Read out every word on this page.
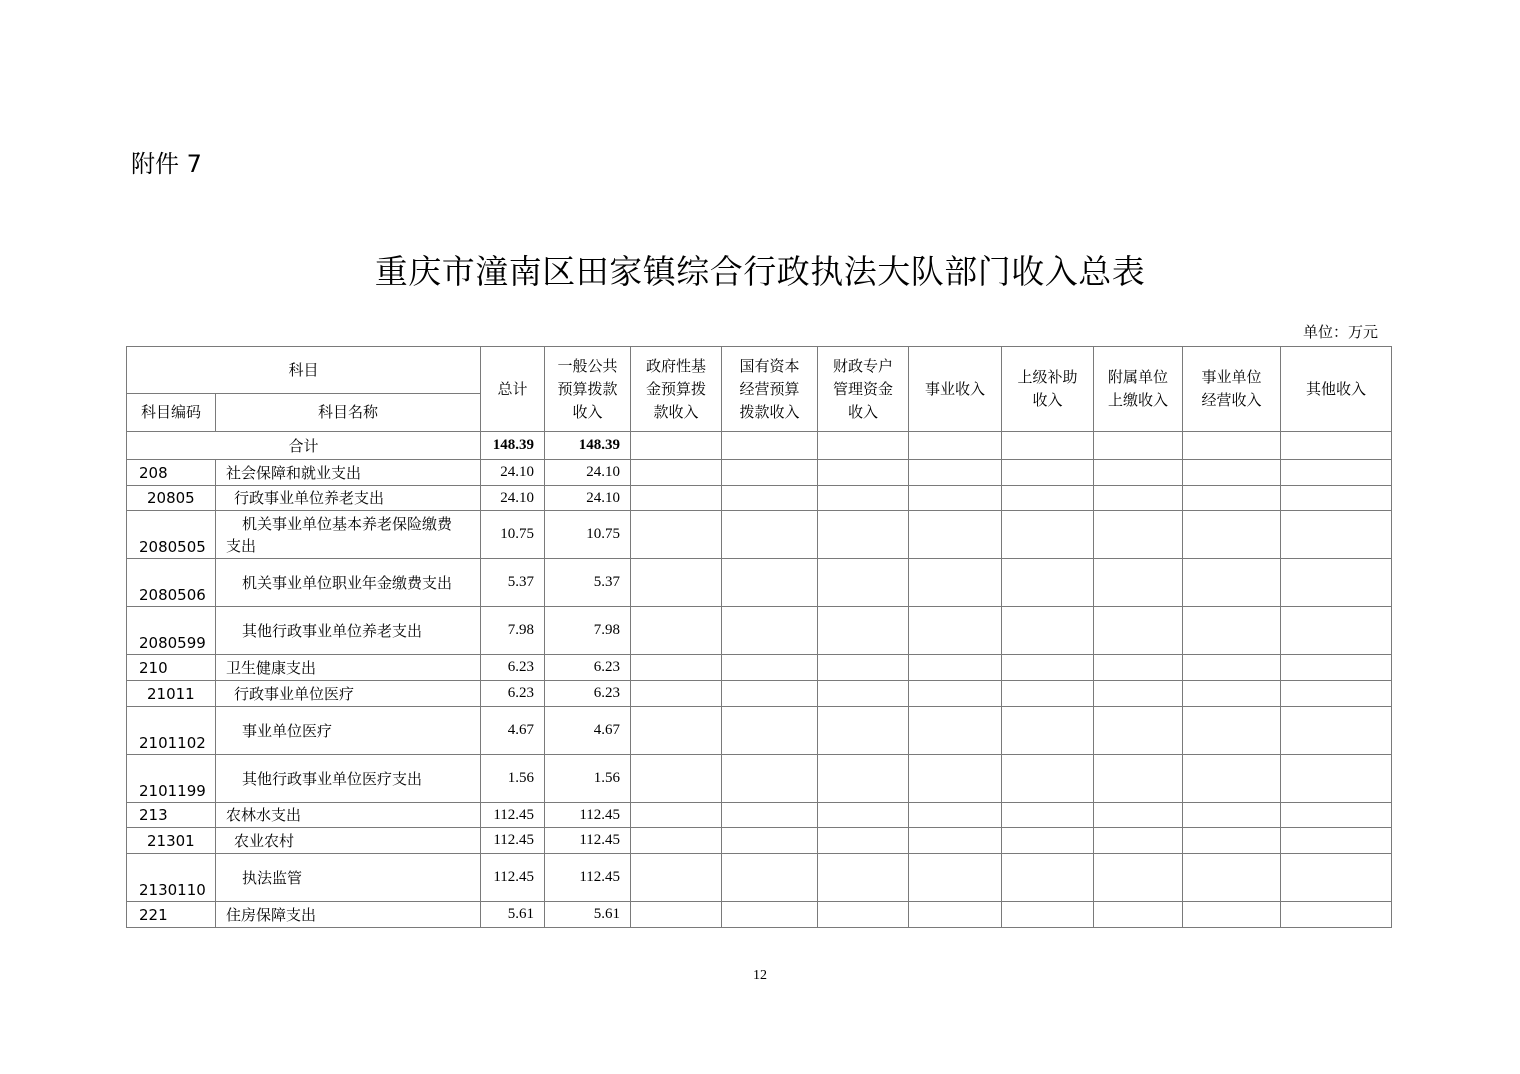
附件 7
重庆市潼南区田家镇综合行政执法大队部门收入总表
单位：万元
科目		总计	一般公共预算拨款收入	政府性基金预算拨款收入	国有资本经营预算拨款收入	财政专户管理资金收入	事业收入	上级补助收入	附属单位上缴收入	事业单位经营收入	其他收入
科目编码	科目名称										
合计		148.39	148.39								
208	社会保障和就业支出	24.10	24.10								
20805	行政事业单位养老支出	24.10	24.10								
2080505	机关事业单位基本养老保险缴费
支出	10.75	10.75								
2080506	机关事业单位职业年金缴费支出	5.37	5.37								
2080599	其他行政事业单位养老支出	7.98	7.98								
210	卫生健康支出	6.23	6.23								
21011	行政事业单位医疗	6.23	6.23								
2101102	事业单位医疗	4.67	4.67								
2101199	其他行政事业单位医疗支出	1.56	1.56								
213	农林水支出	112.45	112.45								
21301	农业农村	112.45	112.45								
2130110	执法监管	112.45	112.45								
221	住房保障支出	5.61	5.61								
12
